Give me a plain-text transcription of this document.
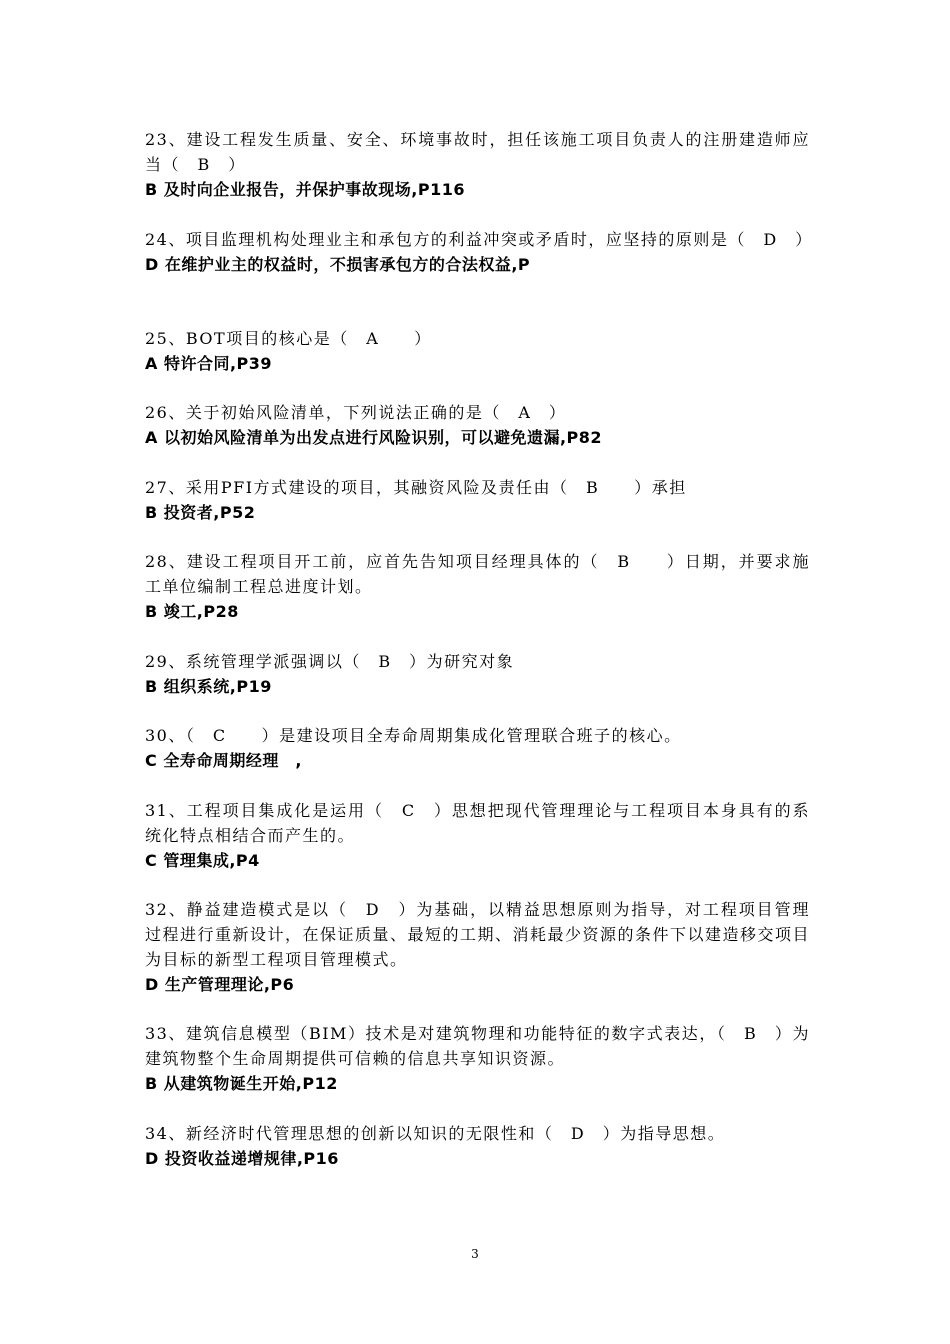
23、建设工程发生质量、安全、环境事故时，担任该施工项目负责人的注册建造师应当（　B　）

B 及时向企业报告，并保护事故现场,P116

24、项目监理机构处理业主和承包方的利益冲突或矛盾时，应坚持的原则是（　D　）

D 在维护业主的权益时，不损害承包方的合法权益,P

25、BOT项目的核心是（　A　　）

A 特许合同,P39

26、关于初始风险清单，下列说法正确的是（　A　）

A 以初始风险清单为出发点进行风险识别，可以避免遗漏,P82

27、采用PFI方式建设的项目，其融资风险及责任由（　B　　）承担

B 投资者,P52

28、建设工程项目开工前，应首先告知项目经理具体的（　B　　）日期，并要求施工单位编制工程总进度计划。

B 竣工,P28

29、系统管理学派强调以（　B　）为研究对象

B 组织系统,P19

30、（　C　　）是建设项目全寿命周期集成化管理联合班子的核心。

C 全寿命周期经理　,

31、工程项目集成化是运用（　C　）思想把现代管理理论与工程项目本身具有的系统化特点相结合而产生的。

C 管理集成,P4

32、静益建造模式是以（　D　）为基础，以精益思想原则为指导，对工程项目管理过程进行重新设计，在保证质量、最短的工期、消耗最少资源的条件下以建造移交项目为目标的新型工程项目管理模式。

D 生产管理理论,P6

33、建筑信息模型（BIM）技术是对建筑物理和功能特征的数字式表达，（　B　）为建筑物整个生命周期提供可信赖的信息共享知识资源。

B 从建筑物诞生开始,P12

34、新经济时代管理思想的创新以知识的无限性和（　D　）为指导思想。

D 投资收益递增规律,P16

3
